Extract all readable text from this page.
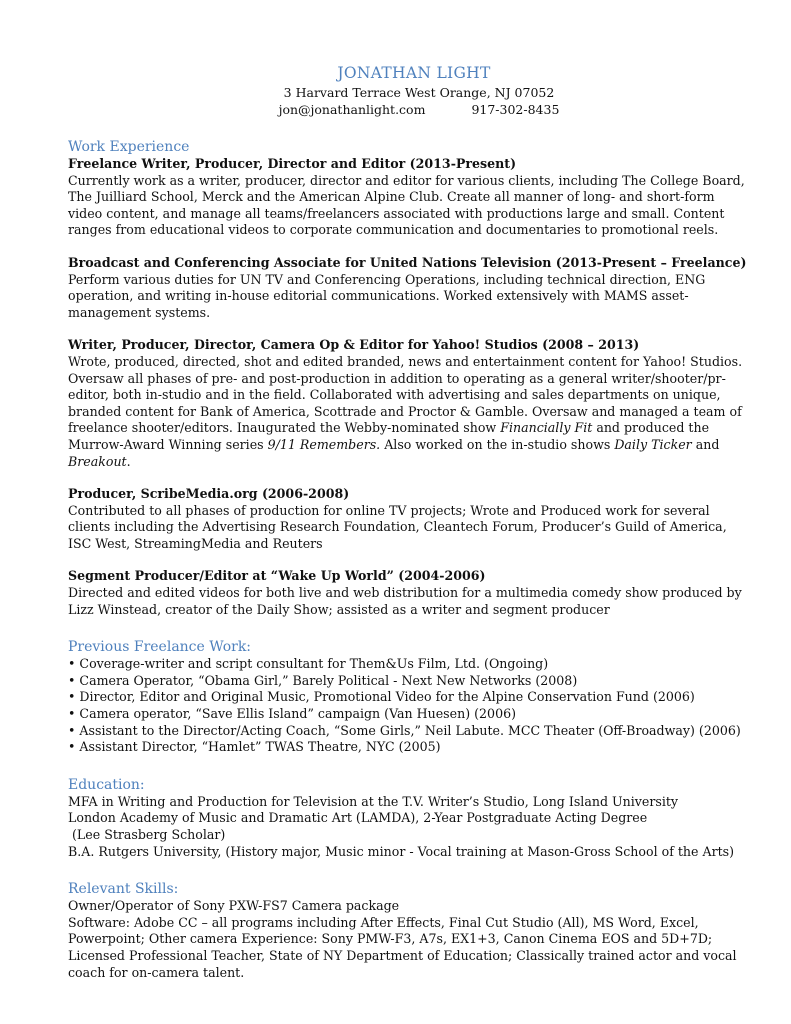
JONATHAN LIGHT
3 Harvard Terrace West Orange, NJ 07052
jon@jonathanlight.com	917-302-8435
Work Experience
Freelance Writer, Producer, Director and Editor (2013-Present)
Currently work as a writer, producer, director and editor for various clients, including The College Board, The Juilliard School, Merck and the American Alpine Club. Create all manner of long- and short-form video content, and manage all teams/freelancers associated with productions large and small. Content ranges from educational videos to corporate communication and documentaries to promotional reels.
Broadcast and Conferencing Associate for United Nations Television (2013-Present – Freelance)
Perform various duties for UN TV and Conferencing Operations, including technical direction, ENG operation, and writing in-house editorial communications. Worked extensively with MAMS asset-management systems.
Writer, Producer, Director, Camera Op & Editor for Yahoo! Studios (2008 – 2013)
Wrote, produced, directed, shot and edited branded, news and entertainment content for Yahoo! Studios. Oversaw all phases of pre- and post-production in addition to operating as a general writer/shooter/pr-editor, both in-studio and in the field. Collaborated with advertising and sales departments on unique, branded content for Bank of America, Scottrade and Proctor & Gamble. Oversaw and managed a team of freelance shooter/editors. Inaugurated the Webby-nominated show Financially Fit and produced the Murrow-Award Winning series 9/11 Remembers. Also worked on the in-studio shows Daily Ticker and Breakout.
Producer, ScribeMedia.org (2006-2008)
Contributed to all phases of production for online TV projects; Wrote and Produced work for several clients including the Advertising Research Foundation, Cleantech Forum, Producer’s Guild of America, ISC West, StreamingMedia and Reuters
Segment Producer/Editor at “Wake Up World” (2004-2006)
Directed and edited videos for both live and web distribution for a multimedia comedy show produced by Lizz Winstead, creator of the Daily Show; assisted as a writer and segment producer
Previous Freelance Work:
• Coverage-writer and script consultant for Them&Us Film, Ltd. (Ongoing)
• Camera Operator, “Obama Girl,” Barely Political - Next New Networks (2008)
• Director, Editor and Original Music, Promotional Video for the Alpine Conservation Fund (2006)
• Camera operator, “Save Ellis Island” campaign (Van Huesen) (2006)
• Assistant to the Director/Acting Coach, “Some Girls,” Neil Labute. MCC Theater (Off-Broadway) (2006)
• Assistant Director, “Hamlet” TWAS Theatre, NYC (2005)
Education:
MFA in Writing and Production for Television at the T.V. Writer’s Studio, Long Island University
London Academy of Music and Dramatic Art (LAMDA), 2-Year Postgraduate Acting Degree
(Lee Strasberg Scholar)
B.A. Rutgers University, (History major, Music minor - Vocal training at Mason-Gross School of the Arts)
Relevant Skills:
Owner/Operator of Sony PXW-FS7 Camera package
Software: Adobe CC – all programs including After Effects, Final Cut Studio (All), MS Word, Excel, Powerpoint; Other camera Experience: Sony PMW-F3, A7s, EX1+3, Canon Cinema EOS and 5D+7D; Licensed Professional Teacher, State of NY Department of Education; Classically trained actor and vocal coach for on-camera talent.
